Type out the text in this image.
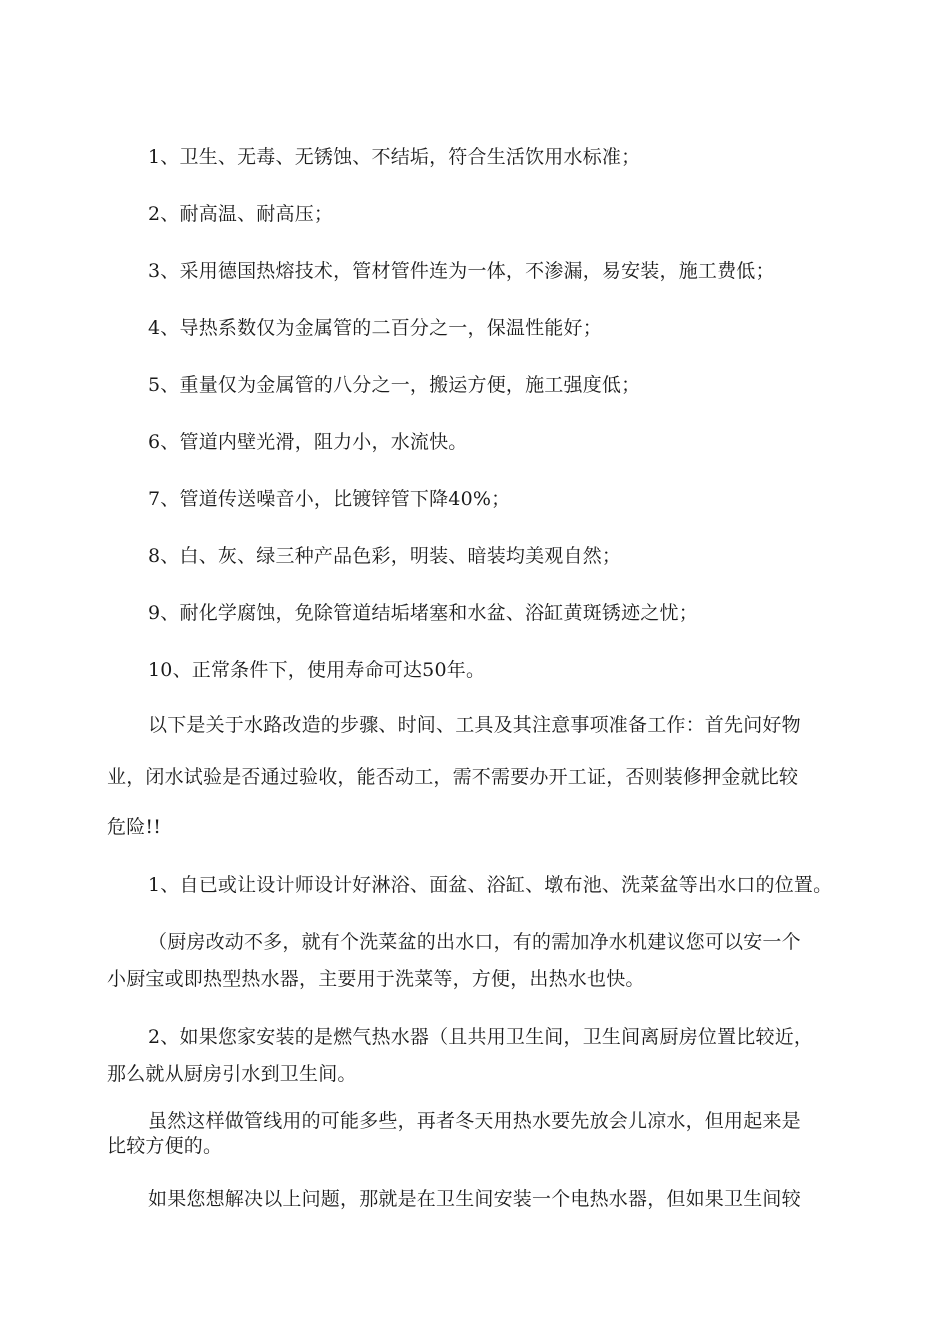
1、卫生、无毒、无锈蚀、不结垢，符合生活饮用水标准；
2、耐高温、耐高压；
3、采用德国热熔技术，管材管件连为一体，不渗漏，易安装，施工费低；
4、导热系数仅为金属管的二百分之一，保温性能好；
5、重量仅为金属管的八分之一，搬运方便，施工强度低；
6、管道内壁光滑，阻力小，水流快。
7、管道传送噪音小，比镀锌管下降40%；
8、白、灰、绿三种产品色彩，明装、暗装均美观自然；
9、耐化学腐蚀，免除管道结垢堵塞和水盆、浴缸黄斑锈迹之忧；
10、正常条件下，使用寿命可达50年。
以下是关于水路改造的步骤、时间、工具及其注意事项准备工作：首先问好物
业，闭水试验是否通过验收，能否动工，需不需要办开工证，否则装修押金就比较
危险!!
1、自已或让设计师设计好淋浴、面盆、浴缸、墩布池、洗菜盆等出水口的位置。
（厨房改动不多，就有个洗菜盆的出水口，有的需加净水机建议您可以安一个
小厨宝或即热型热水器，主要用于洗菜等，方便，出热水也快。
2、如果您家安装的是燃气热水器（且共用卫生间，卫生间离厨房位置比较近，
那么就从厨房引水到卫生间。
虽然这样做管线用的可能多些，再者冬天用热水要先放会儿凉水，但用起来是
比较方便的。
如果您想解决以上问题，那就是在卫生间安装一个电热水器，但如果卫生间较
